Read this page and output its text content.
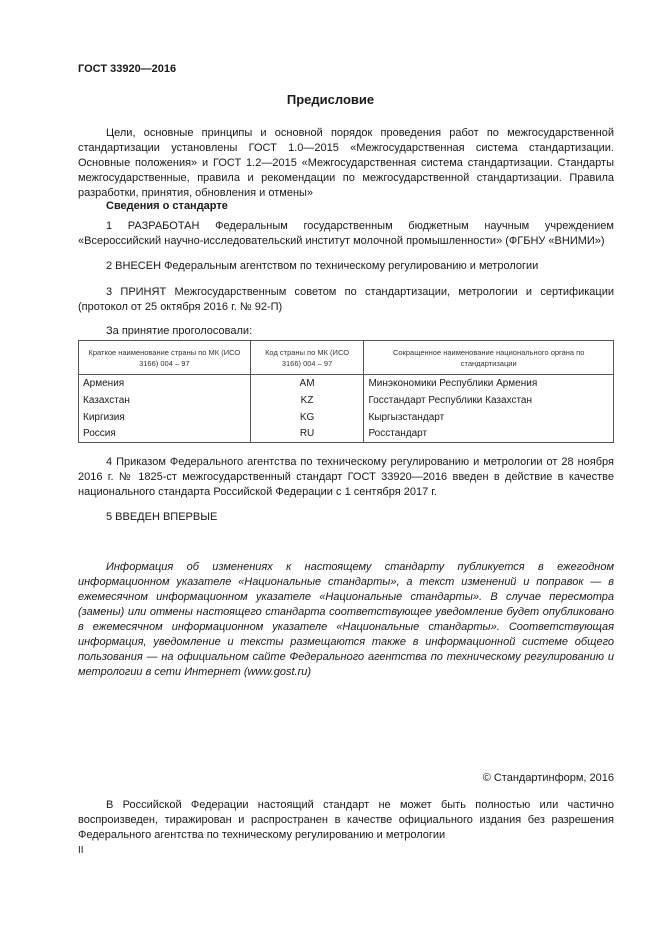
ГОСТ 33920—2016
Предисловие

Цели, основные принципы и основной порядок проведения работ по межгосударственной стандартизации установлены ГОСТ 1.0—2015 «Межгосударственная система стандартизации. Основные положения» и ГОСТ 1.2—2015 «Межгосударственная система стандартизации. Стандарты межгосударственные, правила и рекомендации по межгосударственной стандартизации. Правила разработки, принятия, обновления и отмены»

Сведения о стандарте

1 РАЗРАБОТАН Федеральным государственным бюджетным научным учреждением «Всероссийский научно-исследовательский институт молочной промышленности» (ФГБНУ «ВНИМИ»)

2 ВНЕСЕН Федеральным агентством по техническому регулированию и метрологии

3 ПРИНЯТ Межгосударственным советом по стандартизации, метрологии и сертификации (протокол от 25 октября 2016 г. № 92-П)

За принятие проголосовали:
Краткое наименование страны по МК (ИСО 3166) 004 – 97	Код страны по МК (ИСО 3166) 004 – 97	Сокращенное наименование национального органа по стандартизации
Армения	AM	Минэкономики Республики Армения
Казахстан	KZ	Госстандарт Республики Казахстан
Киргизия	KG	Кыргызстандарт
Россия	RU	Росстандарт

4 Приказом Федерального агентства по техническому регулированию и метрологии от 28 ноября 2016 г. № 1825-ст межгосударственный стандарт ГОСТ 33920—2016 введен в действие в качестве национального стандарта Российской Федерации с 1 сентября 2017 г.

5 ВВЕДЕН ВПЕРВЫЕ

Информация об изменениях к настоящему стандарту публикуется в ежегодном информационном указателе «Национальные стандарты», а текст изменений и поправок — в ежемесячном информационном указателе «Национальные стандарты». В случае пересмотра (замены) или отмены настоящего стандарта соответствующее уведомление будет опубликовано в ежемесячном информационном указателе «Национальные стандарты». Соответствующая информация, уведомление и тексты размещаются также в информационной системе общего пользования — на официальном сайте Федерального агентства по техническому регулированию и метрологии в сети Интернет (www.gost.ru)

© Стандартинформ, 2016

В Российской Федерации настоящий стандарт не может быть полностью или частично воспроизведен, тиражирован и распространен в качестве официального издания без разрешения Федерального агентства по техническому регулированию и метрологии

II
